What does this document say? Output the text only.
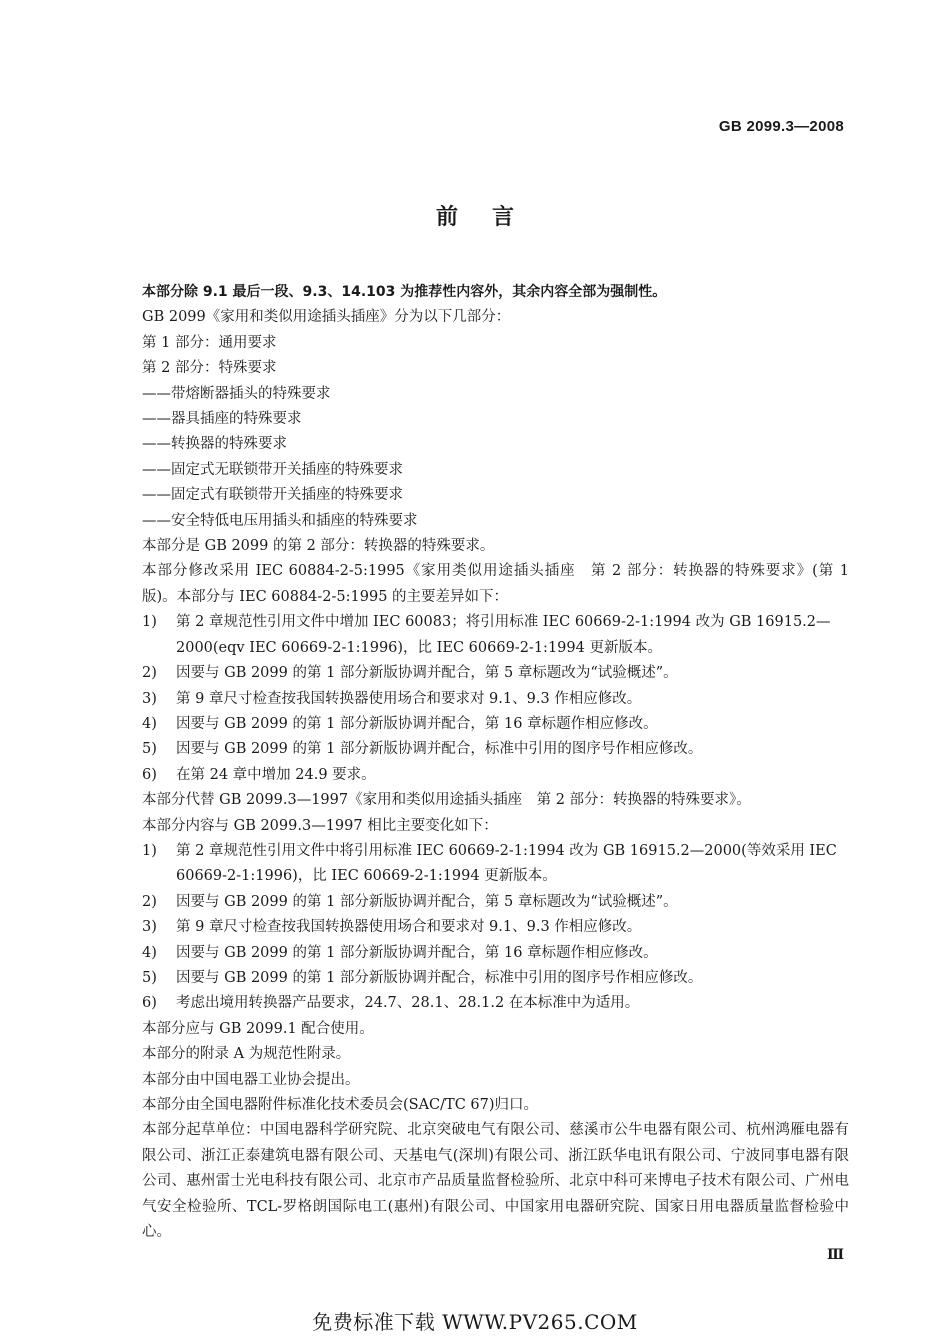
GB 2099.3—2008
前言
本部分除 9.1 最后一段、9.3、14.103 为推荐性内容外，其余内容全部为强制性。
GB 2099《家用和类似用途插头插座》分为以下几部分：
第 1 部分：通用要求
第 2 部分：特殊要求
——带熔断器插头的特殊要求
——器具插座的特殊要求
——转换器的特殊要求
——固定式无联锁带开关插座的特殊要求
——固定式有联锁带开关插座的特殊要求
——安全特低电压用插头和插座的特殊要求
本部分是 GB 2099 的第 2 部分：转换器的特殊要求。
本部分修改采用 IEC 60884-2-5:1995《家用类似用途插头插座　第 2 部分：转换器的特殊要求》(第 1 版)。本部分与 IEC 60884-2-5:1995 的主要差异如下：
1)	第 2 章规范性引用文件中增加 IEC 60083；将引用标准 IEC 60669-2-1:1994 改为 GB 16915.2—2000(eqv IEC 60669-2-1:1996)，比 IEC 60669-2-1:1994 更新版本。
2)	因要与 GB 2099 的第 1 部分新版协调并配合，第 5 章标题改为“试验概述”。
3)	第 9 章尺寸检查按我国转换器使用场合和要求对 9.1、9.3 作相应修改。
4)	因要与 GB 2099 的第 1 部分新版协调并配合，第 16 章标题作相应修改。
5)	因要与 GB 2099 的第 1 部分新版协调并配合，标准中引用的图序号作相应修改。
6)	在第 24 章中增加 24.9 要求。
本部分代替 GB 2099.3—1997《家用和类似用途插头插座　第 2 部分：转换器的特殊要求》。
本部分内容与 GB 2099.3—1997 相比主要变化如下：
1)	第 2 章规范性引用文件中将引用标准 IEC 60669-2-1:1994 改为 GB 16915.2—2000(等效采用 IEC 60669-2-1:1996)，比 IEC 60669-2-1:1994 更新版本。
2)	因要与 GB 2099 的第 1 部分新版协调并配合，第 5 章标题改为“试验概述”。
3)	第 9 章尺寸检查按我国转换器使用场合和要求对 9.1、9.3 作相应修改。
4)	因要与 GB 2099 的第 1 部分新版协调并配合，第 16 章标题作相应修改。
5)	因要与 GB 2099 的第 1 部分新版协调并配合，标准中引用的图序号作相应修改。
6)	考虑出境用转换器产品要求，24.7、28.1、28.1.2 在本标准中为适用。
本部分应与 GB 2099.1 配合使用。
本部分的附录 A 为规范性附录。
本部分由中国电器工业协会提出。
本部分由全国电器附件标准化技术委员会(SAC/TC 67)归口。
本部分起草单位：中国电器科学研究院、北京突破电气有限公司、慈溪市公牛电器有限公司、杭州鸿雁电器有限公司、浙江正泰建筑电器有限公司、天基电气(深圳)有限公司、浙江跃华电讯有限公司、宁波同事电器有限公司、惠州雷士光电科技有限公司、北京市产品质量监督检验所、北京中科可来博电子技术有限公司、广州电气安全检验所、TCL-罗格朗国际电工(惠州)有限公司、中国家用电器研究院、国家日用电器质量监督检验中心。
Ⅲ
免费标准下载 WWW.PV265.COM
